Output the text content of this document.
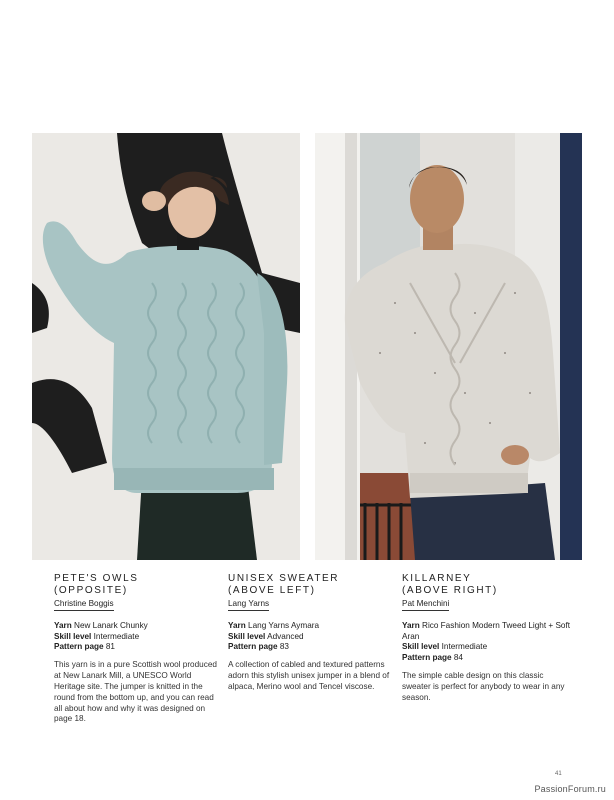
PETE'S OWLS
(OPPOSITE)
Christine Boggis
Yarn New Lanark Chunky
Skill level Intermediate
Pattern page 81
This yarn is in a pure Scottish wool produced at New Lanark Mill, a UNESCO World Heritage site. The jumper is knitted in the round from the bottom up, and you can read all about how and why it was designed on page 18.
UNISEX SWEATER
(ABOVE LEFT)
Lang Yarns
Yarn Lang Yarns Aymara
Skill level Advanced
Pattern page 83
A collection of cabled and textured patterns adorn this stylish unisex jumper in a blend of alpaca, Merino wool and Tencel viscose.
KILLARNEY
(ABOVE RIGHT)
Pat Menchini
Yarn Rico Fashion Modern Tweed Light + Soft Aran
Skill level Intermediate
Pattern page 84
The simple cable design on this classic sweater is perfect for anybody to wear in any season.
41
PassionForum.ru
